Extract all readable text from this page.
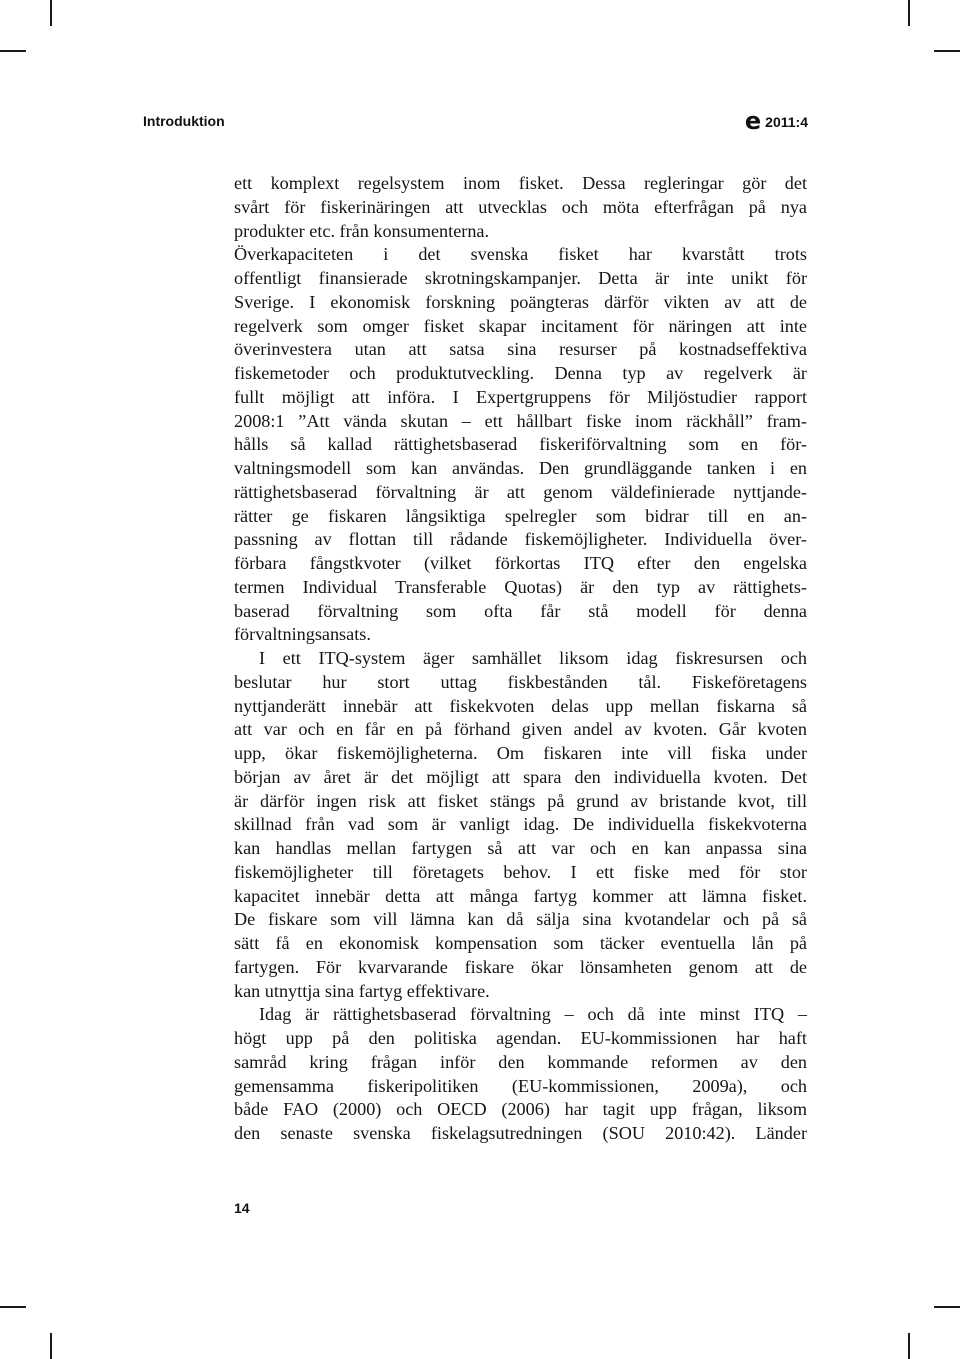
Introduktion	e 2011:4
ett komplext regelsystem inom fisket. Dessa regleringar gör det
svårt för fiskerinäringen att utvecklas och möta efterfrågan på nya
produkter etc. från konsumenterna.
Överkapaciteten i det svenska fisket har kvarstått trots
offentligt finansierade skrotningskampanjer. Detta är inte unikt för
Sverige. I ekonomisk forskning poängteras därför vikten av att de
regelverk som omger fisket skapar incitament för näringen att inte
överinvestera utan att satsa sina resurser på kostnadseffektiva
fiskemetoder och produktutveckling. Denna typ av regelverk är
fullt möjligt att införa. I Expertgruppens för Miljöstudier rapport
2008:1 ”Att vända skutan – ett hållbart fiske inom räckhåll” fram-
hålls så kallad rättighetsbaserad fiskeriförvaltning som en för-
valtningsmodell som kan användas. Den grundläggande tanken i en
rättighetsbaserad förvaltning är att genom väldefinierade nyttjande-
rätter ge fiskaren långsiktiga spelregler som bidrar till en an-
passning av flottan till rådande fiskemöjligheter. Individuella över-
förbara fångstkvoter (vilket förkortas ITQ efter den engelska
termen Individual Transferable Quotas) är den typ av rättighets-
baserad förvaltning som ofta får stå modell för denna
förvaltningsansats.
I ett ITQ-system äger samhället liksom idag fiskresursen och
beslutar hur stort uttag fiskbestånden tål. Fiskeföretagens
nyttjanderätt innebär att fiskekvoten delas upp mellan fiskarna så
att var och en får en på förhand given andel av kvoten. Går kvoten
upp, ökar fiskemöjligheterna. Om fiskaren inte vill fiska under
början av året är det möjligt att spara den individuella kvoten. Det
är därför ingen risk att fisket stängs på grund av bristande kvot, till
skillnad från vad som är vanligt idag. De individuella fiskekvoterna
kan handlas mellan fartygen så att var och en kan anpassa sina
fiskemöjligheter till företagets behov. I ett fiske med för stor
kapacitet innebär detta att många fartyg kommer att lämna fisket.
De fiskare som vill lämna kan då sälja sina kvotandelar och på så
sätt få en ekonomisk kompensation som täcker eventuella lån på
fartygen. För kvarvarande fiskare ökar lönsamheten genom att de
kan utnyttja sina fartyg effektivare.
Idag är rättighetsbaserad förvaltning – och då inte minst ITQ –
högt upp på den politiska agendan. EU-kommissionen har haft
samråd kring frågan inför den kommande reformen av den
gemensamma fiskeripolitiken (EU-kommissionen, 2009a), och
både FAO (2000) och OECD (2006) har tagit upp frågan, liksom
den senaste svenska fiskelagsutredningen (SOU 2010:42). Länder
14
